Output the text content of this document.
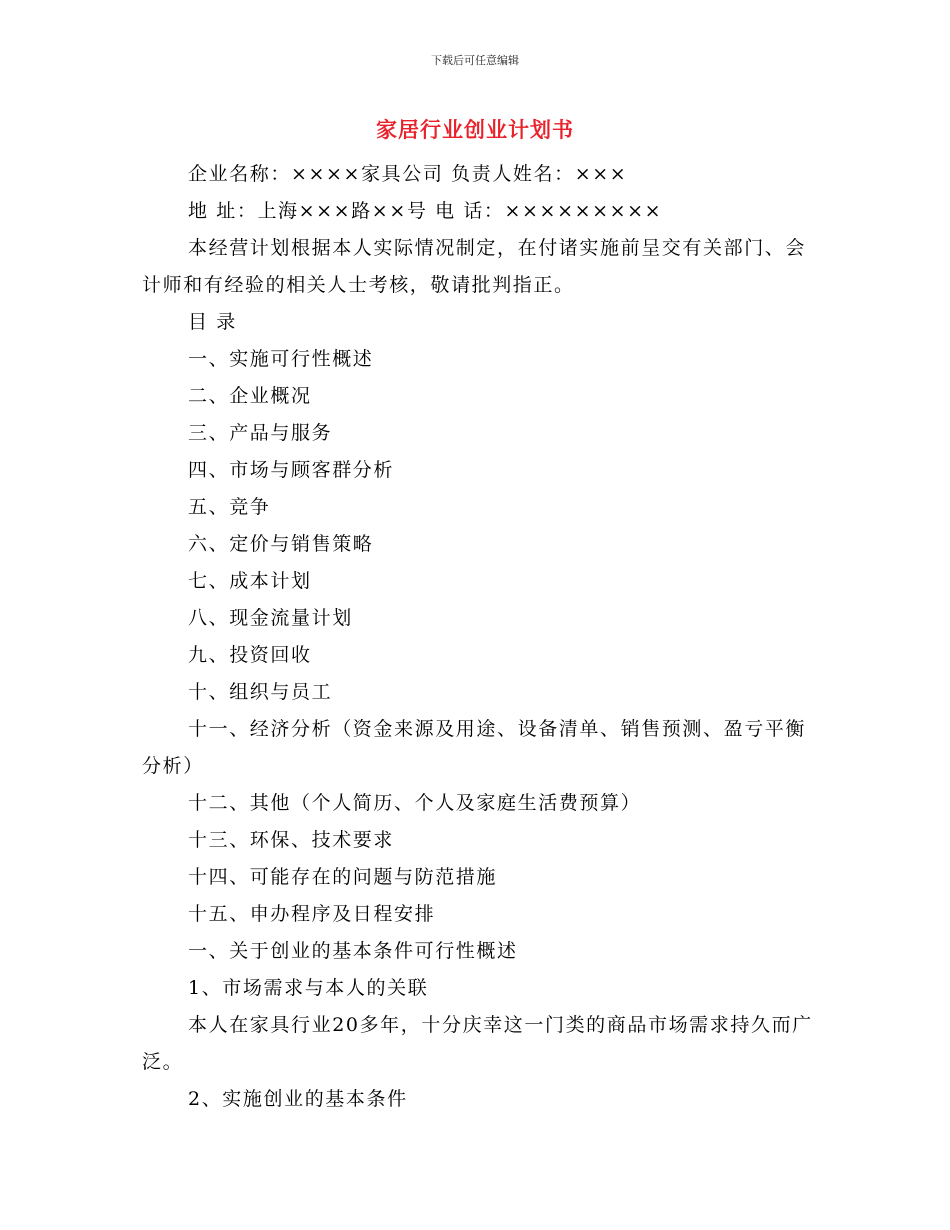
下载后可任意编辑
家居行业创业计划书

企业名称：××××家具公司 负责人姓名：×××

地 址：上海×××路××号 电 话：×××××××××

本经营计划根据本人实际情况制定，在付诸实施前呈交有关部门、会计师和有经验的相关人士考核，敬请批判指正。

目 录

一、实施可行性概述

二、企业概况

三、产品与服务

四、市场与顾客群分析

五、竞争

六、定价与销售策略

七、成本计划

八、现金流量计划

九、投资回收

十、组织与员工

十一、经济分析（资金来源及用途、设备清单、销售预测、盈亏平衡分析）

十二、其他（个人简历、个人及家庭生活费预算）

十三、环保、技术要求

十四、可能存在的问题与防范措施

十五、申办程序及日程安排

一、关于创业的基本条件可行性概述

1、市场需求与本人的关联

本人在家具行业20多年，十分庆幸这一门类的商品市场需求持久而广泛。

2、实施创业的基本条件
